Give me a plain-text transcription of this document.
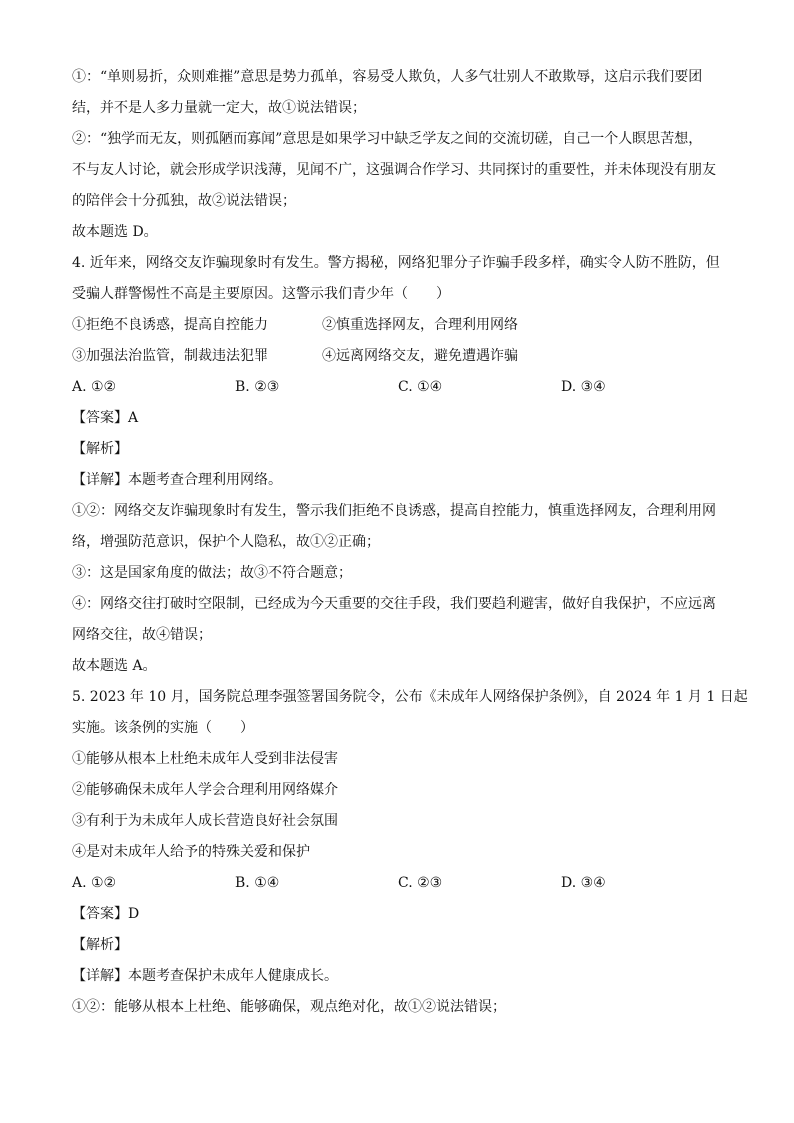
①：“单则易折，众则难摧”意思是势力孤单，容易受人欺负，人多气壮别人不敢欺辱，这启示我们要团
结，并不是人多力量就一定大，故①说法错误；
②：“独学而无友，则孤陋而寡闻”意思是如果学习中缺乏学友之间的交流切磋，自己一个人瞑思苦想，
不与友人讨论，就会形成学识浅薄，见闻不广，这强调合作学习、共同探讨的重要性，并未体现没有朋友
的陪伴会十分孤独，故②说法错误；
故本题选 D。
4. 近年来，网络交友诈骗现象时有发生。警方揭秘，网络犯罪分子诈骗手段多样，确实令人防不胜防，但
受骗人群警惕性不高是主要原因。这警示我们青少年（　　）
①拒绝不良诱惑，提高自控能力	②慎重选择网友，合理利用网络
③加强法治监管，制裁违法犯罪	④远离网络交友，避免遭遇诈骗
A. ①②	B. ②③	C. ①④	D. ③④
【答案】A
【解析】
【详解】本题考查合理利用网络。
①②：网络交友诈骗现象时有发生，警示我们拒绝不良诱惑，提高自控能力，慎重选择网友，合理利用网
络，增强防范意识，保护个人隐私，故①②正确；
③：这是国家角度的做法；故③不符合题意；
④：网络交往打破时空限制，已经成为今天重要的交往手段，我们要趋利避害，做好自我保护，不应远离
网络交往，故④错误；
故本题选 A。
5. 2023 年 10 月，国务院总理李强签署国务院令，公布《未成年人网络保护条例》，自 2024 年 1 月 1 日起
实施。该条例的实施（　　）
①能够从根本上杜绝未成年人受到非法侵害
②能够确保未成年人学会合理利用网络媒介
③有利于为未成年人成长营造良好社会氛围
④是对未成年人给予的特殊关爱和保护
A. ①②	B. ①④	C. ②③	D. ③④
【答案】D
【解析】
【详解】本题考查保护未成年人健康成长。
①②：能够从根本上杜绝、能够确保，观点绝对化，故①②说法错误；
